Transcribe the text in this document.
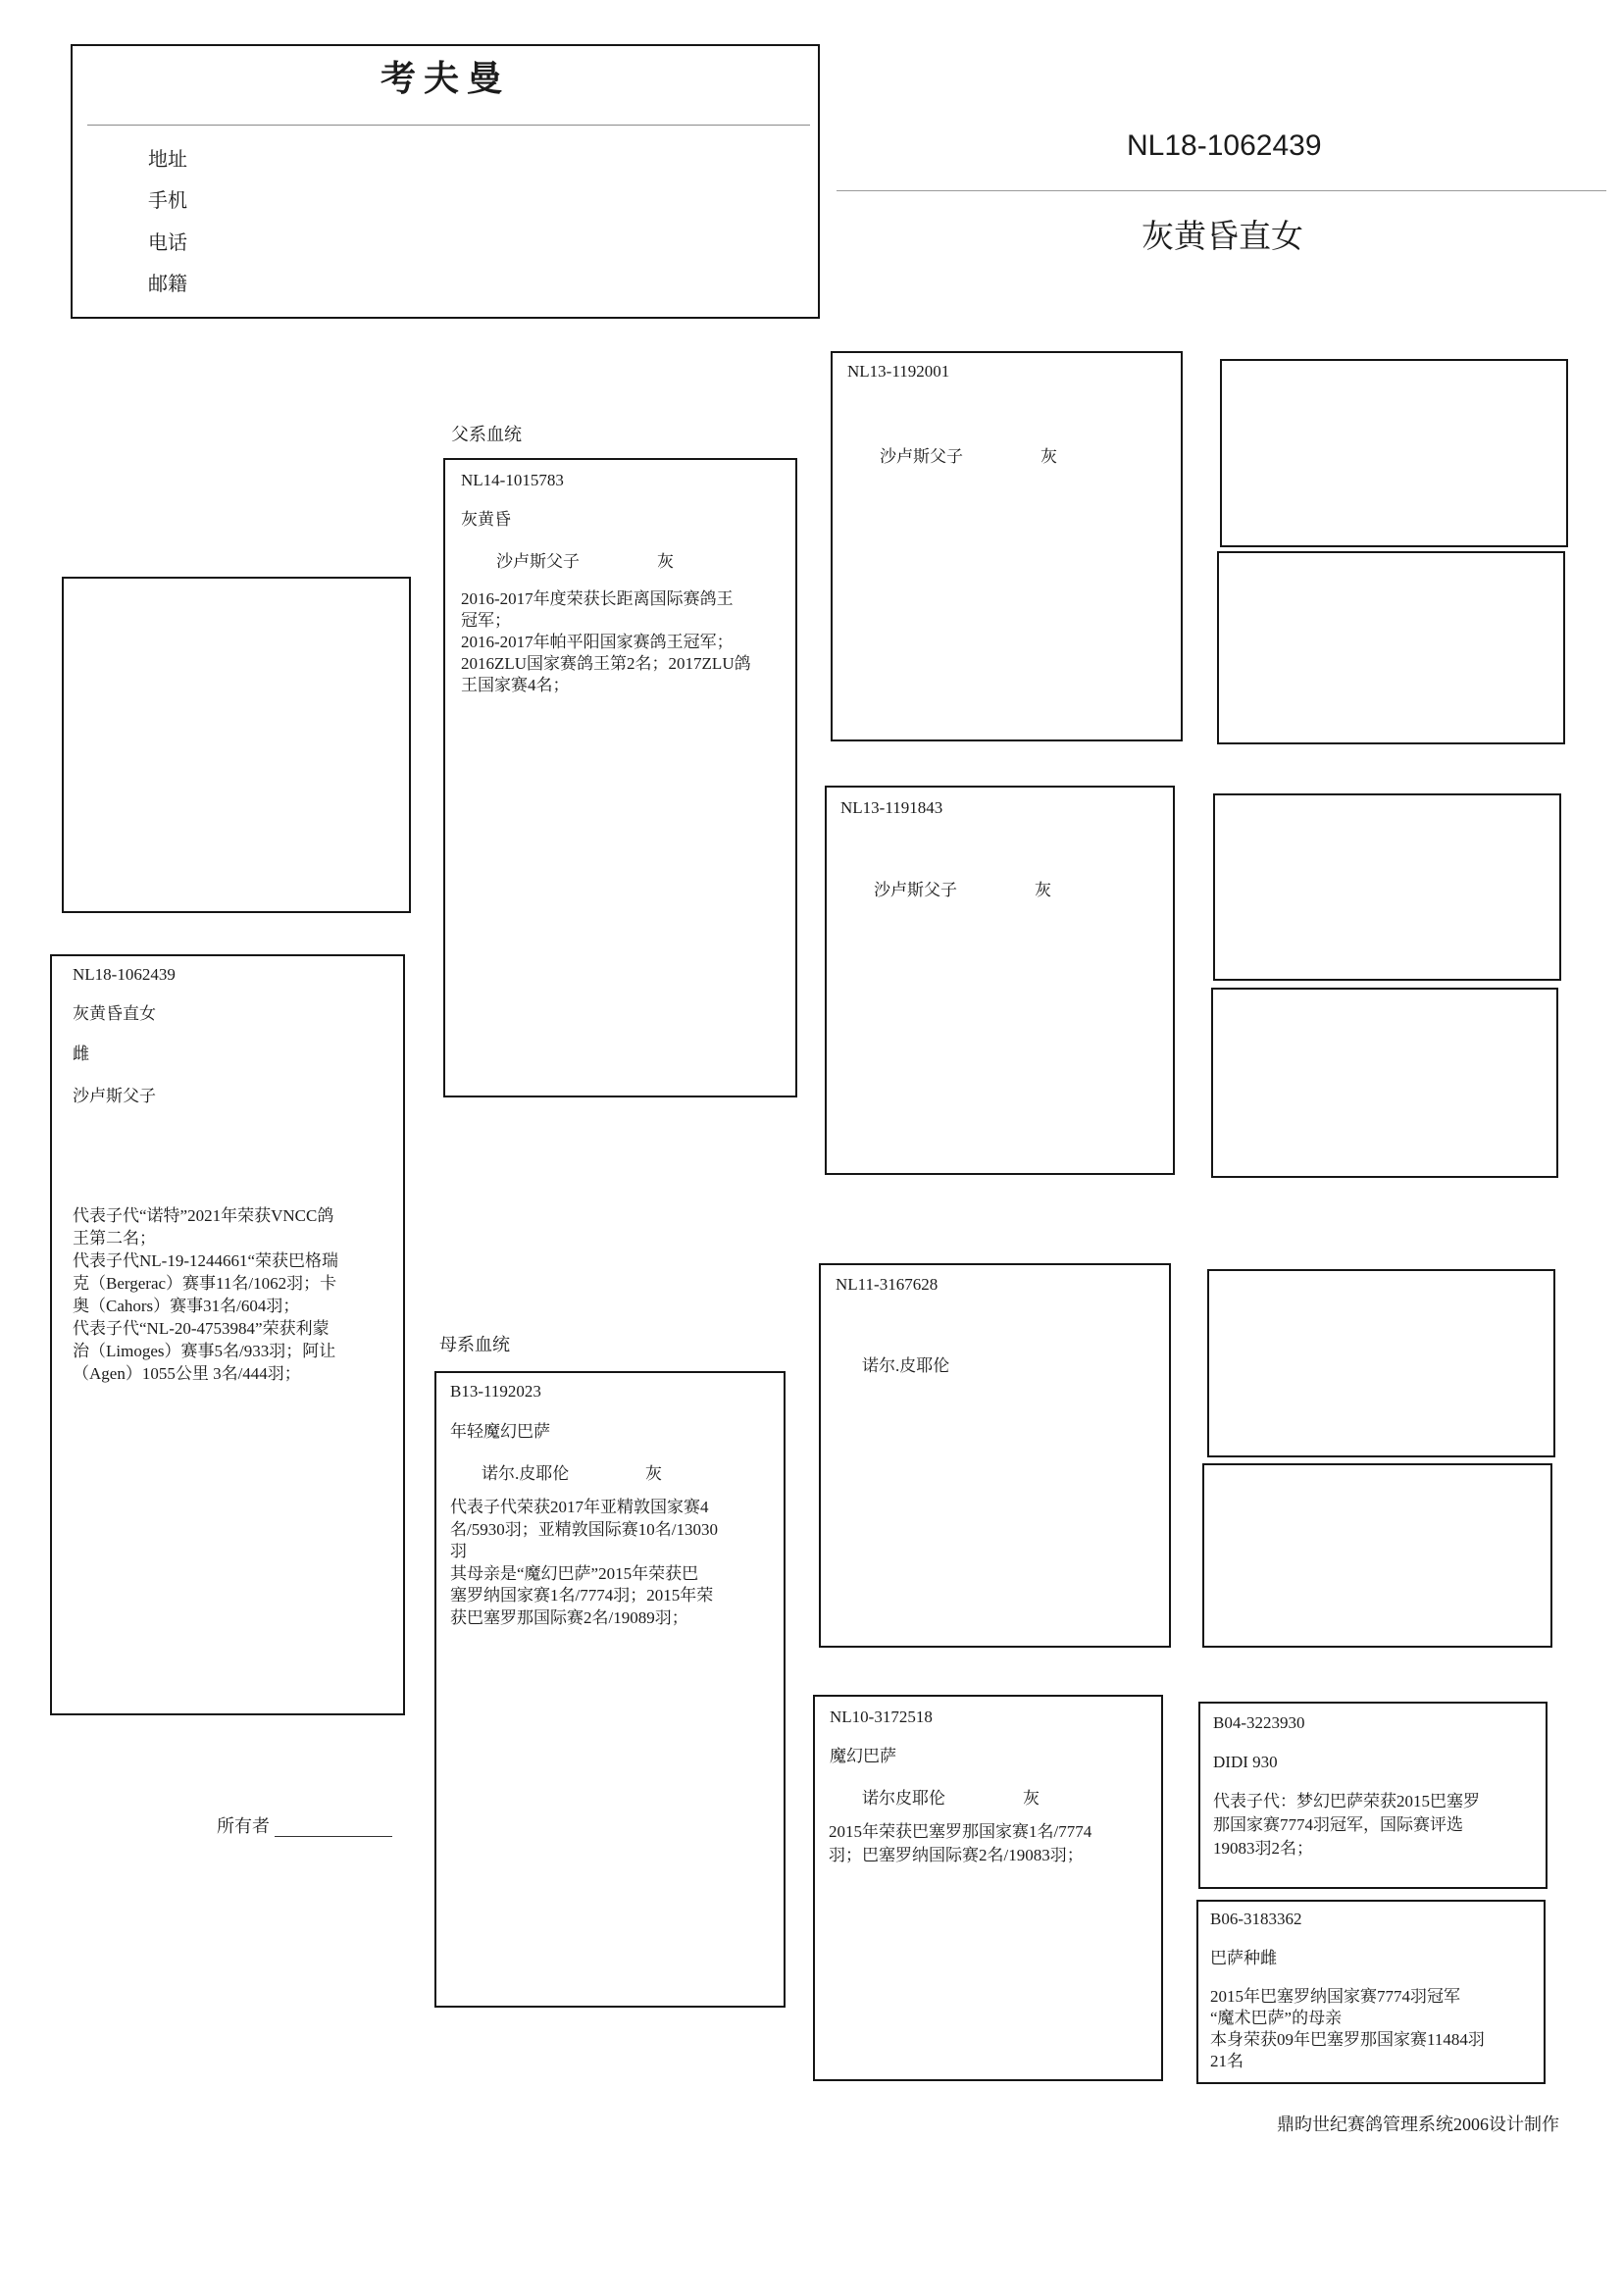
考夫曼
地址
手机
电话
邮籍
NL18-1062439
灰黄昏直女
NL18-1062439
灰黄昏直女
雌
沙卢斯父子
代表子代“诺特”2021年荣获VNCC鸽
王第二名；
代表子代NL-19-1244661“荣获巴格瑞
克（Bergerac）赛事11名/1062羽；卡
奥（Cahors）赛事31名/604羽；
代表子代“NL-20-4753984”荣获利蒙
治（Limoges）赛事5名/933羽；阿让
（Agen）1055公里 3名/444羽；
所有者
父系血统
NL14-1015783
灰黄昏
沙卢斯父子	灰
2016-2017年度荣获长距离国际赛鸽王
冠军；
2016-2017年帕平阳国家赛鸽王冠军；
2016ZLU国家赛鸽王第2名；2017ZLU鸽
王国家赛4名；
母系血统
B13-1192023
年轻魔幻巴萨
诺尔.皮耶伦	灰
代表子代荣获2017年亚精敦国家赛4
名/5930羽；亚精敦国际赛10名/13030
羽
其母亲是“魔幻巴萨”2015年荣获巴
塞罗纳国家赛1名/7774羽；2015年荣
获巴塞罗那国际赛2名/19089羽；
NL13-1192001
沙卢斯父子	灰
NL13-1191843
沙卢斯父子	灰
NL11-3167628
诺尔.皮耶伦
NL10-3172518
魔幻巴萨
诺尔皮耶伦	灰
2015年荣获巴塞罗那国家赛1名/7774
羽；巴塞罗纳国际赛2名/19083羽；
B04-3223930
DIDI 930
代表子代：梦幻巴萨荣获2015巴塞罗
那国家赛7774羽冠军，国际赛评选
19083羽2名；
B06-3183362
巴萨种雌
2015年巴塞罗纳国家赛7774羽冠军
“魔术巴萨”的母亲
本身荣获09年巴塞罗那国家赛11484羽
21名
鼎昀世纪赛鸽管理系统2006设计制作
